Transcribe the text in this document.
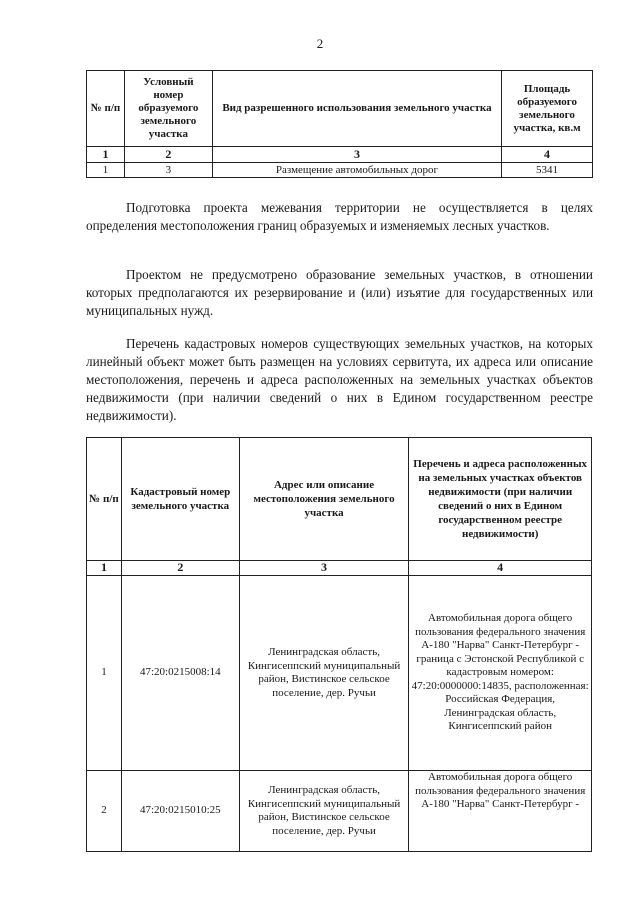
2
№ п/п	Условный номер образуемого земельного участка	Вид разрешенного использования земельного участка	Площадь образуемого земельного участка, кв.м
1	2	3	4
1	3	Размещение автомобильных дорог	5341

Подготовка проекта межевания территории не осуществляется в целях определения местоположения границ образуемых и изменяемых лесных участков.

Проектом не предусмотрено образование земельных участков, в отношении которых предполагаются их резервирование и (или) изъятие для государственных или муниципальных нужд.

Перечень кадастровых номеров существующих земельных участков, на которых линейный объект может быть размещен на условиях сервитута, их адреса или описание местоположения, перечень и адреса расположенных на земельных участках объектов недвижимости (при наличии сведений о них в Едином государственном реестре недвижимости).

№ п/п	Кадастровый номер земельного участка	Адрес или описание местоположения земельного участка	Перечень и адреса расположенных на земельных участках объектов недвижимости (при наличии сведений о них в Едином государственном реестре недвижимости)
1	2	3	4
1	47:20:0215008:14	Ленинградская область, Кингисеппский муниципальный район, Вистинское сельское поселение, дер. Ручьи	Автомобильная дорога общего пользования федерального значения А-180 "Нарва" Санкт-Петербург - граница с Эстонской Республикой с кадастровым номером: 47:20:0000000:14835, расположенная: Российская Федерация, Ленинградская область, Кингисеппский район
2	47:20:0215010:25	Ленинградская область, Кингисеппский муниципальный район, Вистинское сельское поселение, дер. Ручьи	Автомобильная дорога общего пользования федерального значения А-180 "Нарва" Санкт-Петербург -
